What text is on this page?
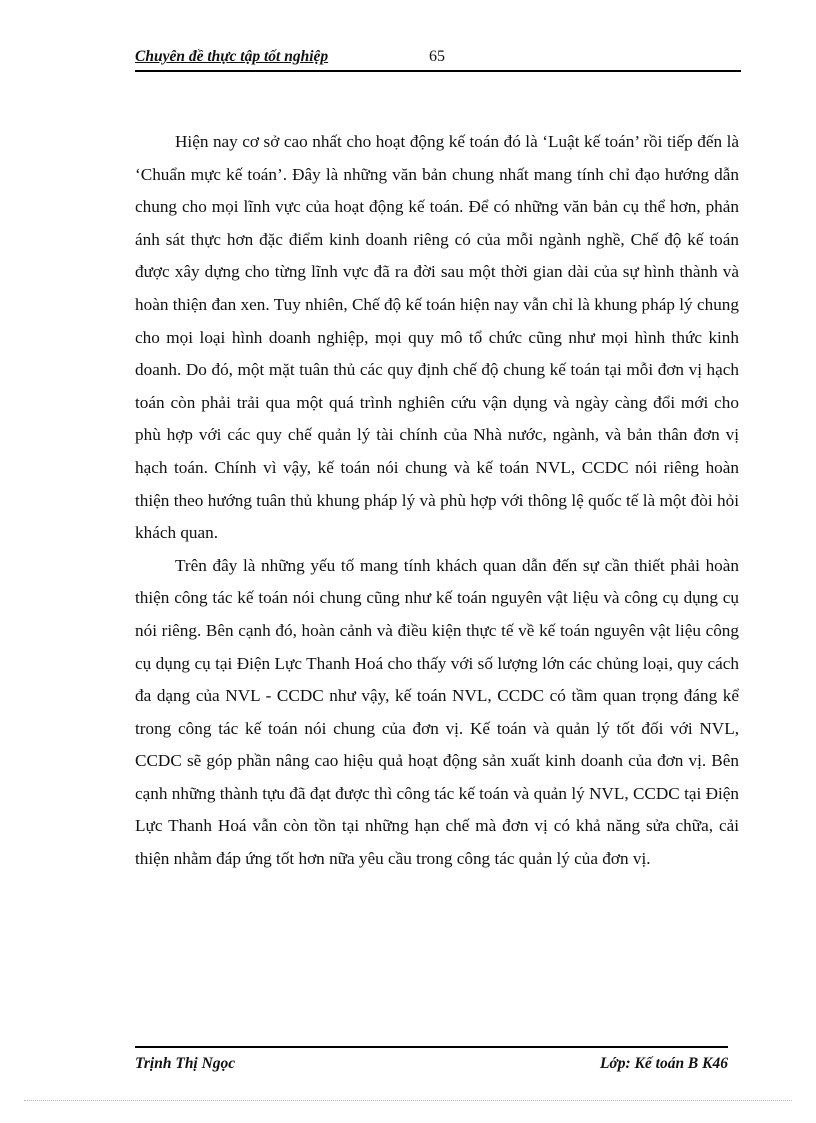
Chuyên đề thực tập tốt nghiệp	65

Hiện nay cơ sở cao nhất cho hoạt động kế toán đó là ‘Luật kế toán’ rồi tiếp đến là ‘Chuẩn mực kế toán’. Đây là những văn bản chung nhất mang tính chỉ đạo hướng dẫn chung cho mọi lĩnh vực của hoạt động kế toán. Để có những văn bản cụ thể hơn, phản ánh sát thực hơn đặc điểm kinh doanh riêng có của mỗi ngành nghề, Chế độ kế toán được xây dựng cho từng lĩnh vực đã ra đời sau một thời gian dài của sự hình thành và hoàn thiện đan xen. Tuy nhiên, Chế độ kế toán hiện nay vẫn chỉ là khung pháp lý chung cho mọi loại hình doanh nghiệp, mọi quy mô tổ chức cũng như mọi hình thức kinh doanh. Do đó, một mặt tuân thủ các quy định chế độ chung kế toán tại mỗi đơn vị hạch toán còn phải trải qua một quá trình nghiên cứu vận dụng và ngày càng đổi mới cho phù hợp với các quy chế quản lý tài chính của Nhà nước, ngành, và bản thân đơn vị hạch toán. Chính vì vậy, kế toán nói chung và kế toán NVL, CCDC nói riêng hoàn thiện theo hướng tuân thủ khung pháp lý và phù hợp với thông lệ quốc tế là một đòi hỏi khách quan.

Trên đây là những yếu tố mang tính khách quan dẫn đến sự cần thiết phải hoàn thiện công tác kế toán nói chung cũng như kế toán nguyên vật liệu và công cụ dụng cụ nói riêng. Bên cạnh đó, hoàn cảnh và điều kiện thực tế về kế toán nguyên vật liệu công cụ dụng cụ tại Điện Lực Thanh Hoá cho thấy với số lượng lớn các chủng loại, quy cách đa dạng của NVL - CCDC như vậy, kế toán NVL, CCDC có tầm quan trọng đáng kể trong công tác kế toán nói chung của đơn vị. Kế toán và quản lý tốt đối với NVL, CCDC sẽ góp phần nâng cao hiệu quả hoạt động sản xuất kinh doanh của đơn vị. Bên cạnh những thành tựu đã đạt được thì công tác kế toán và quản lý NVL, CCDC tại Điện Lực Thanh Hoá vẫn còn tồn tại những hạn chế mà đơn vị có khả năng sửa chữa, cải thiện nhằm đáp ứng tốt hơn nữa yêu cầu trong công tác quản lý của đơn vị.

Trịnh Thị Ngọc	Lớp: Kế toán B K46
